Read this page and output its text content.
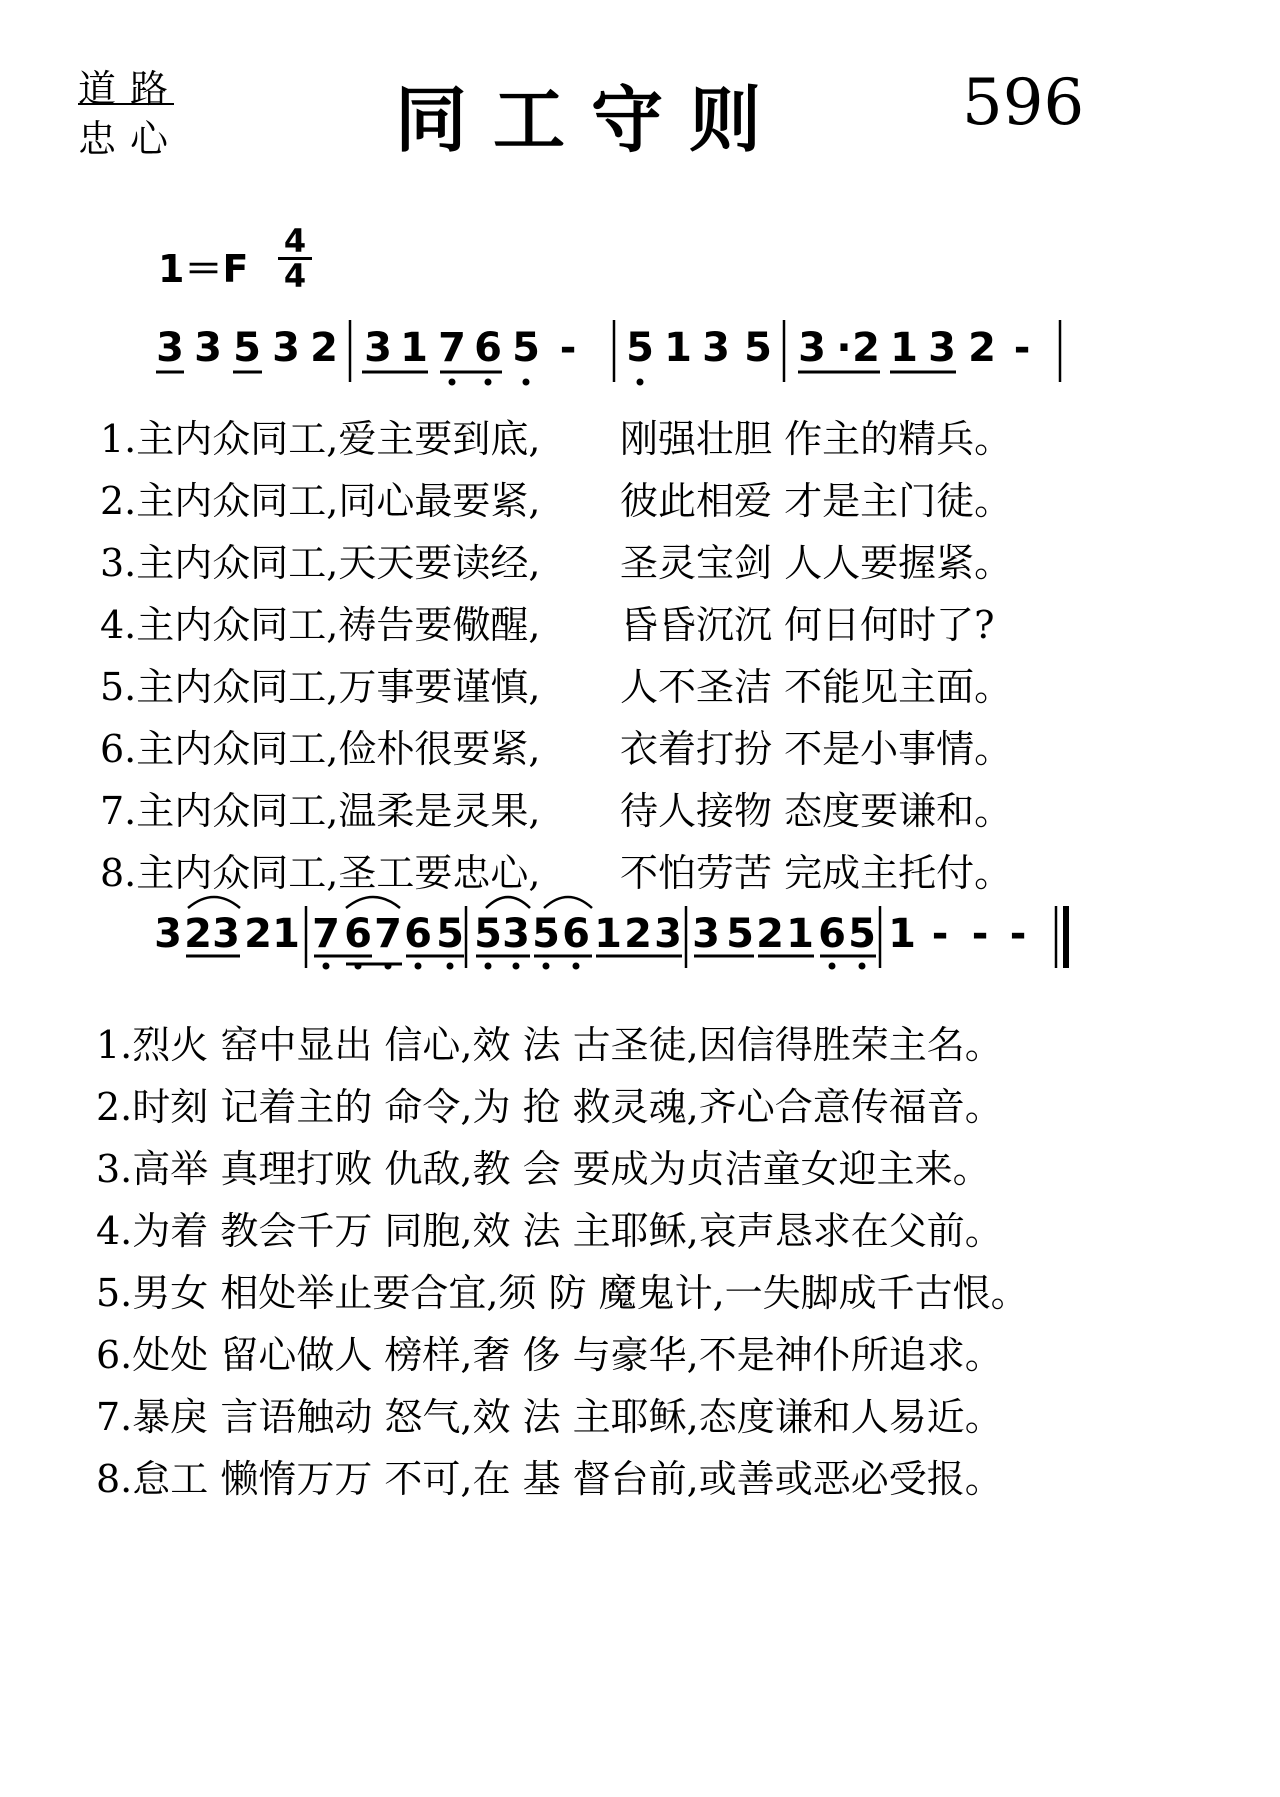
道路
忠心	同工守则	596
1＝F
4
4
3 3 5 3 2 3 1 7 6 5 - 5 1 3 5 3 · 2 1 3 2 -
1.主内众同工,爱主要到底, 刚强壮胆 作主的精兵。
2.主内众同工,同心最要紧, 彼此相爱 才是主门徒。
3.主内众同工,天天要读经, 圣灵宝剑 人人要握紧。
4.主内众同工,祷告要儆醒, 昏昏沉沉 何日何时了?
5.主内众同工,万事要谨慎, 人不圣洁 不能见主面。
6.主内众同工,俭朴很要紧, 衣着打扮 不是小事情。
7.主内众同工,温柔是灵果, 待人接物 态度要谦和。
8.主内众同工,圣工要忠心, 不怕劳苦 完成主托付。
3 2 3 2 1 7 6 7 6 5 5 3 5 6 1 2 3 3 5 2 1 6 5 1 - - -
1.烈火 窑中显出 信心,效 法 古圣徒,因信得胜荣主名。
2.时刻 记着主的 命令,为 抢 救灵魂,齐心合意传福音。
3.高举 真理打败 仇敌,教 会 要成为贞洁童女迎主来。
4.为着 教会千万 同胞,效 法 主耶稣,哀声恳求在父前。
5.男女 相处举止要合宜,须 防 魔鬼计,一失脚成千古恨。
6.处处 留心做人 榜样,奢 侈 与豪华,不是神仆所追求。
7.暴戾 言语触动 怒气,效 法 主耶稣,态度谦和人易近。
8.怠工 懒惰万万 不可,在 基 督台前,或善或恶必受报。
